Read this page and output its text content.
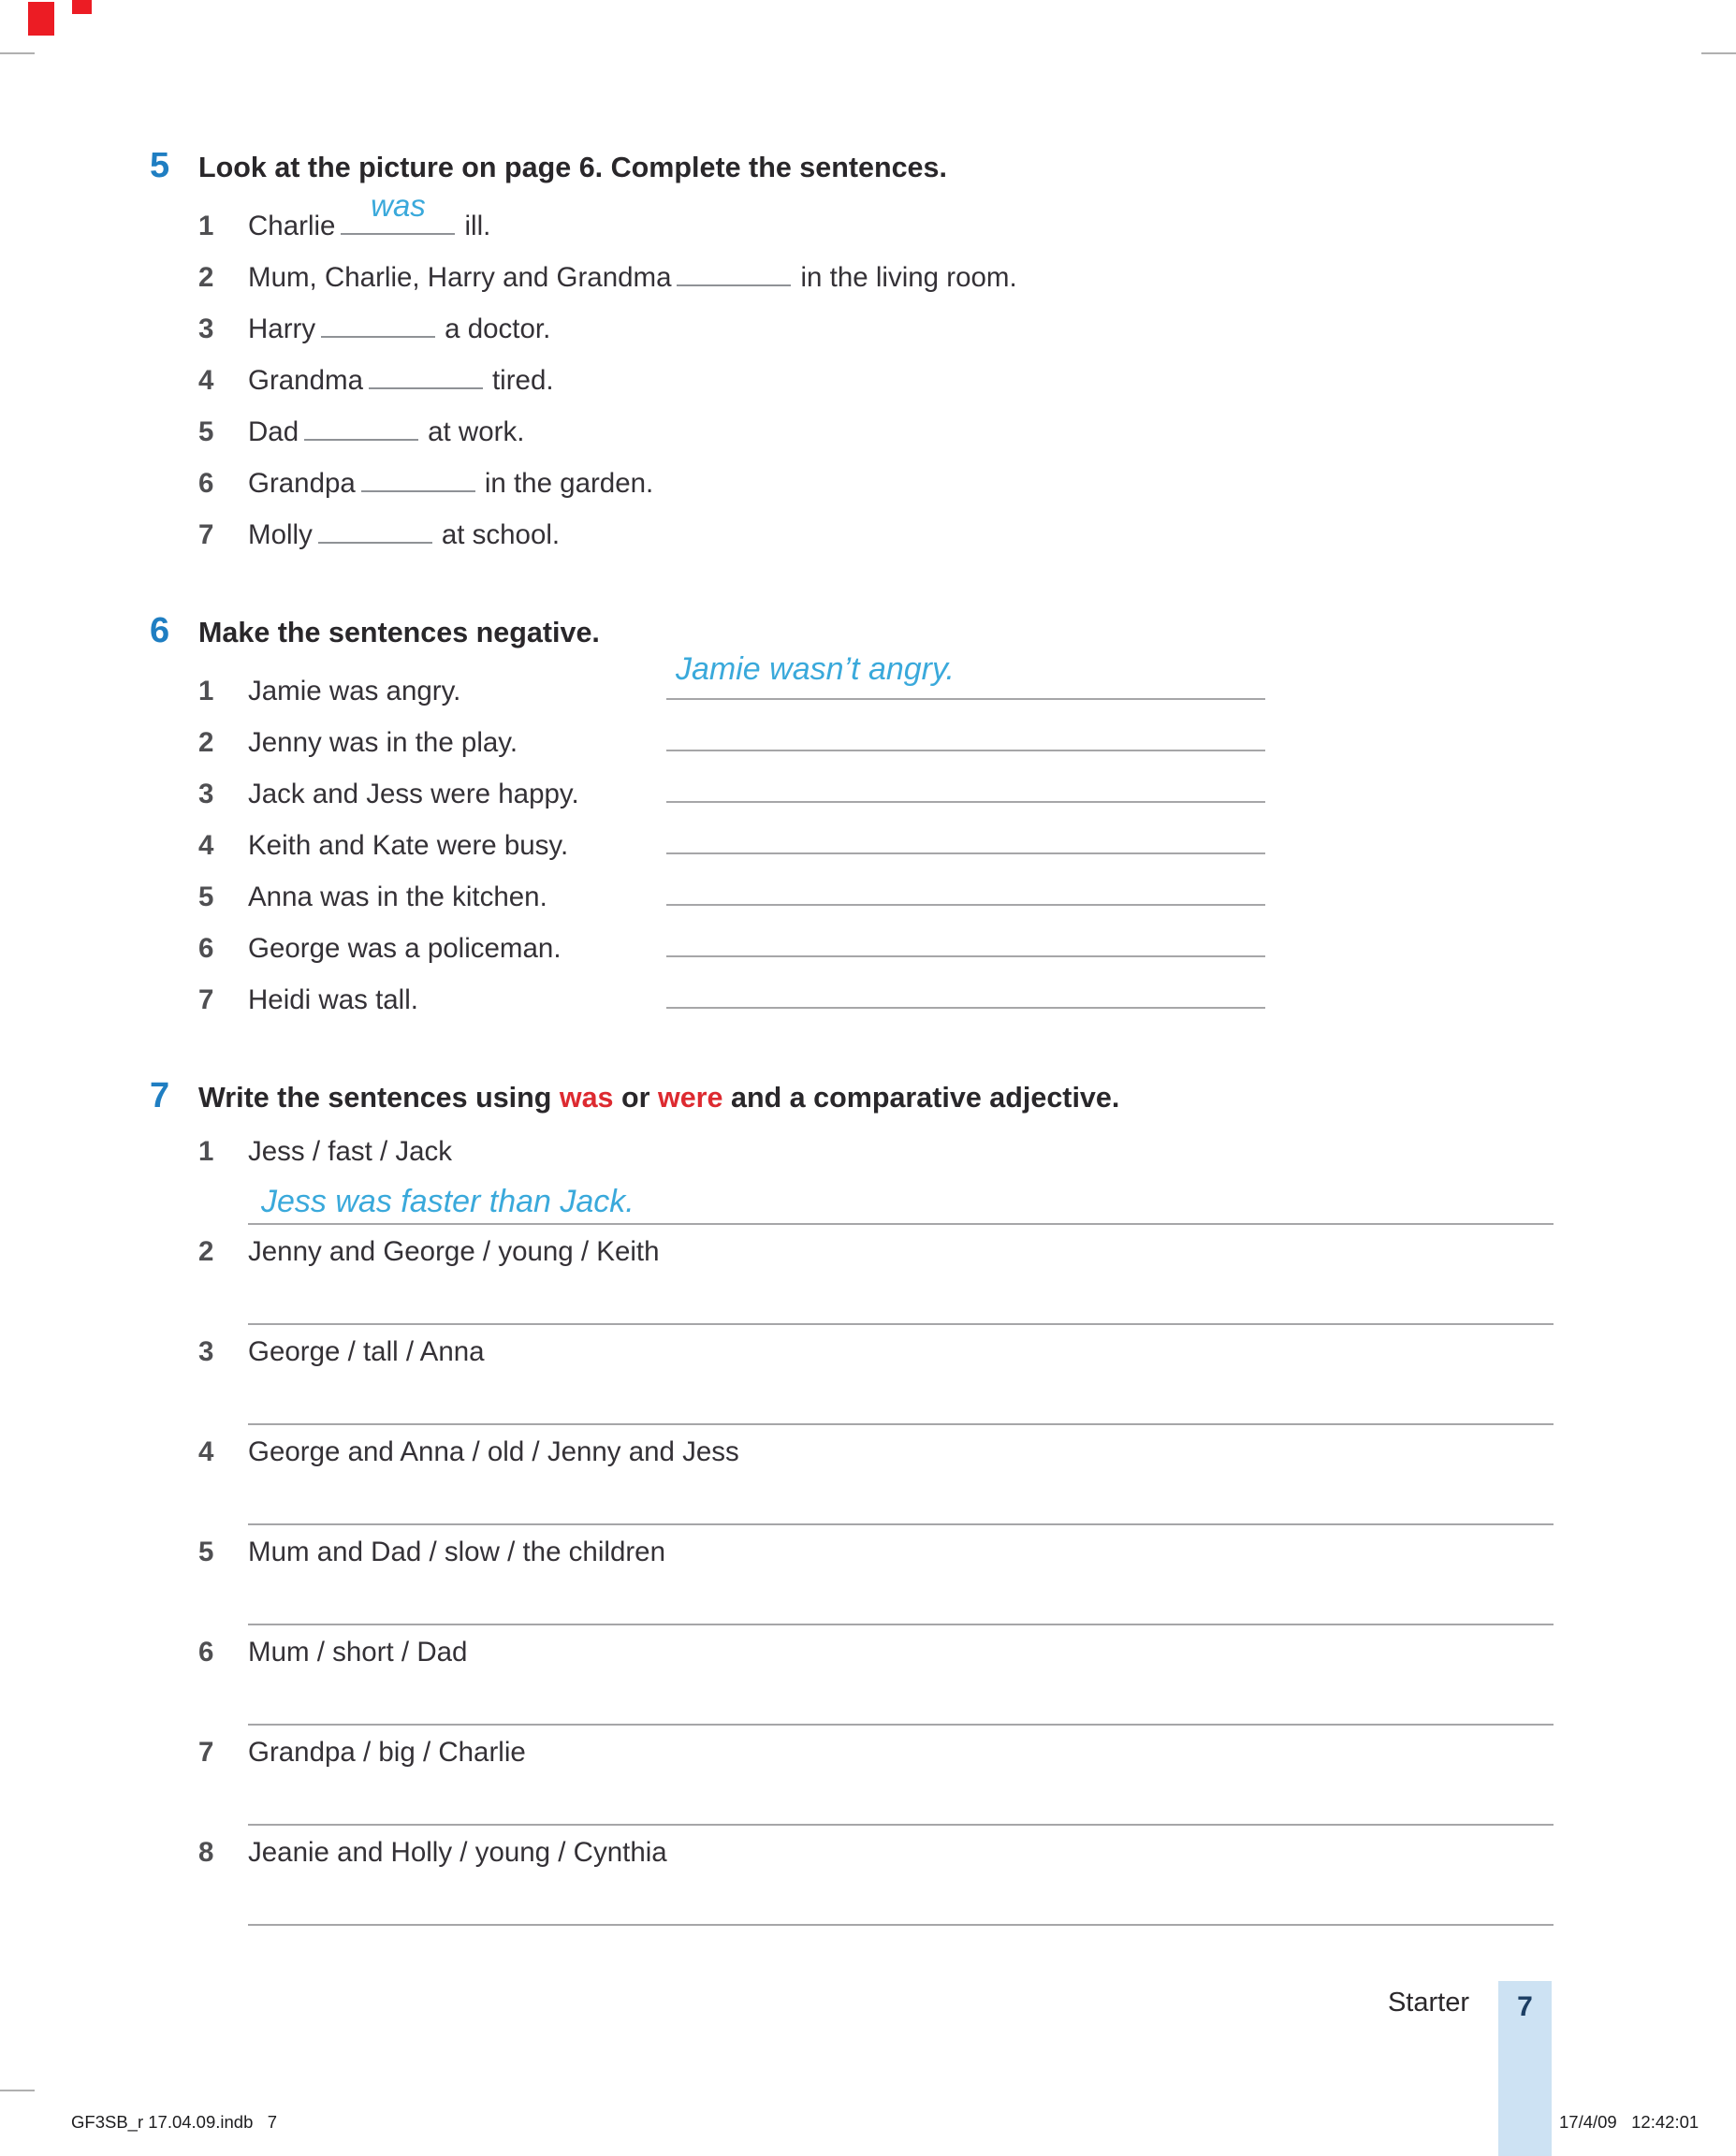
5	Look at the picture on page 6. Complete the sentences.
1 Charlie
was
ill.
2 Mum, Charlie, Harry and Grandma	in the living room.
3 Harry	a doctor.
4 Grandma	tired.
5 Dad	at work.
6 Grandpa	in the garden.
7 Molly	at school.
6	Make the sentences negative.
1 Jamie was angry.
Jamie wasn’t angry.
2 Jenny was in the play.
3 Jack and Jess were happy.
4 Keith and Kate were busy.
5 Anna was in the kitchen.
6 George was a policeman.
7 Heidi was tall.
7	Write the sentences using was or were and a comparative adjective.
1 Jess / fast / Jack
Jess was faster than Jack.
2 Jenny and George / young / Keith
3 George / tall / Anna
4 George and Anna / old / Jenny and Jess
5 Mum and Dad / slow / the children
6 Mum / short / Dad
7 Grandpa / big / Charlie
8 Jeanie and Holly / young / Cynthia
Starter	7
GF3SB_r 17.04.09.indb   7	17/4/09   12:42:01
